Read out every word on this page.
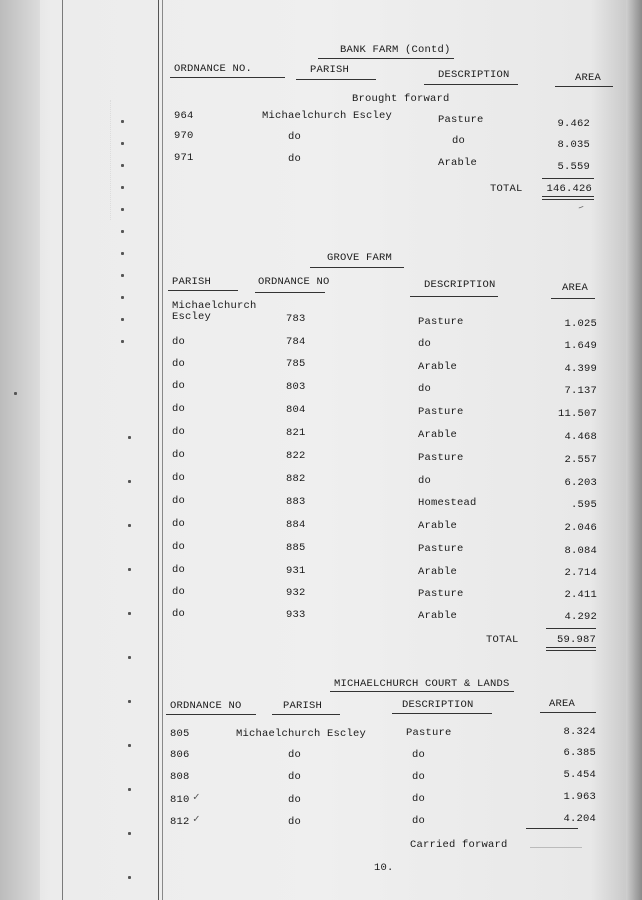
BANK FARM (Contd)
ORDNANCE NO.	PARISH	DESCRIPTION	AREA
Brought forward
964	Michaelchurch Escley	Pasture	9.462
970	do	do	8.035
971	do	Arable	5.559
TOTAL	146.426
–
GROVE FARM
PARISH	ORDNANCE NO	DESCRIPTION	AREA
Michaelchurch
Escley	783	Pasture	1.025
do	784	do	1.649
do	785	Arable	4.399
do	803	do	7.137
do	804	Pasture	11.507
do	821	Arable	4.468
do	822	Pasture	2.557
do	882	do	6.203
do	883	Homestead	.595
do	884	Arable	2.046
do	885	Pasture	8.084
do	931	Arable	2.714
do	932	Pasture	2.411
do	933	Arable	4.292
TOTAL	59.987
MICHAELCHURCH COURT & LANDS
ORDNANCE NO	PARISH	DESCRIPTION	AREA
805	Michaelchurch Escley	Pasture	8.324
806	do	do	6.385
808	do	do	5.454
810 ✓	do	do	1.963
812 ✓	do	do	4.204
Carried forward
10.
